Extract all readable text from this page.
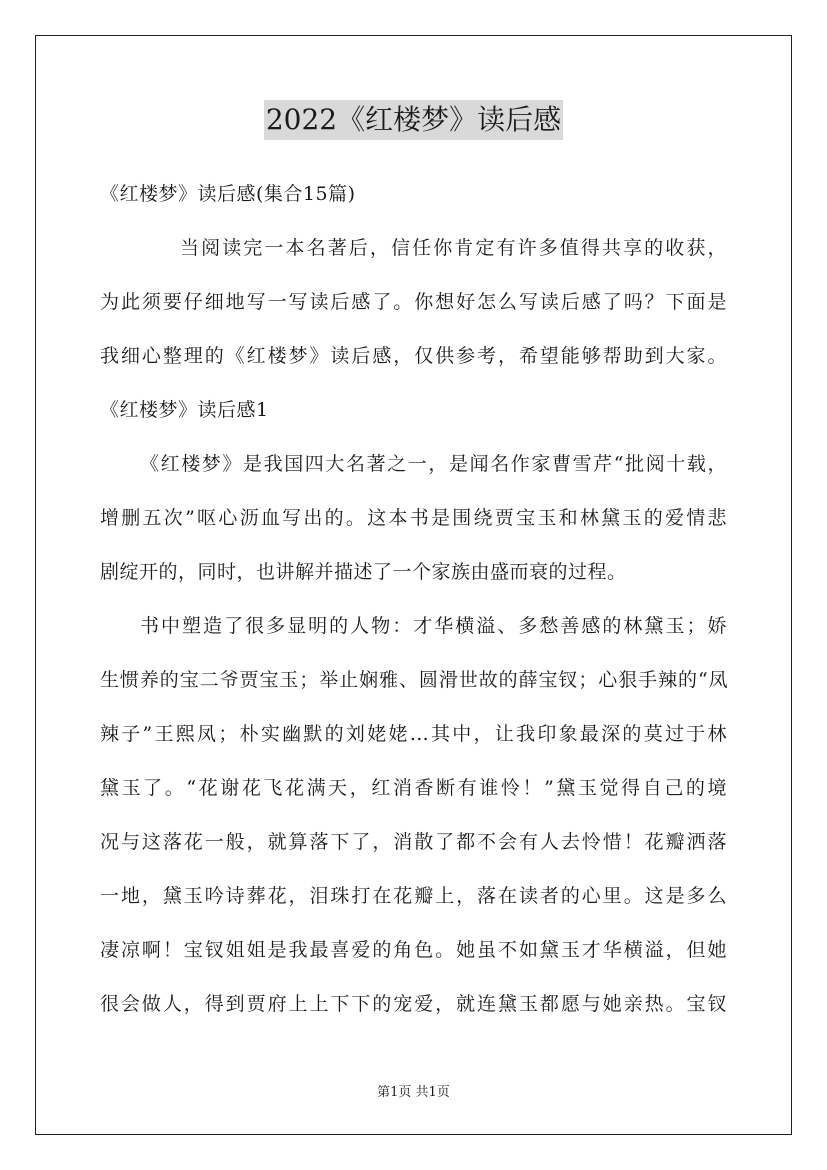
2022《红楼梦》读后感
《红楼梦》读后感(集合15篇)
当阅读完一本名著后，信任你肯定有许多值得共享的收获，
为此须要仔细地写一写读后感了。你想好怎么写读后感了吗？下面是
我细心整理的《红楼梦》读后感，仅供参考，希望能够帮助到大家。
《红楼梦》读后感1
《红楼梦》是我国四大名著之一，是闻名作家曹雪芹“批阅十载，
增删五次”呕心沥血写出的。这本书是围绕贾宝玉和林黛玉的爱情悲
剧绽开的，同时，也讲解并描述了一个家族由盛而衰的过程。
书中塑造了很多显明的人物：才华横溢、多愁善感的林黛玉；娇
生惯养的宝二爷贾宝玉；举止娴雅、圆滑世故的薛宝钗；心狠手辣的“凤
辣子”王熙凤；朴实幽默的刘姥姥…其中，让我印象最深的莫过于林
黛玉了。“花谢花飞花满天，红消香断有谁怜！”黛玉觉得自己的境
况与这落花一般，就算落下了，消散了都不会有人去怜惜！花瓣洒落
一地，黛玉吟诗葬花，泪珠打在花瓣上，落在读者的心里。这是多么
凄凉啊！宝钗姐姐是我最喜爱的角色。她虽不如黛玉才华横溢，但她
很会做人，得到贾府上上下下的宠爱，就连黛玉都愿与她亲热。宝钗
第1页 共1页
